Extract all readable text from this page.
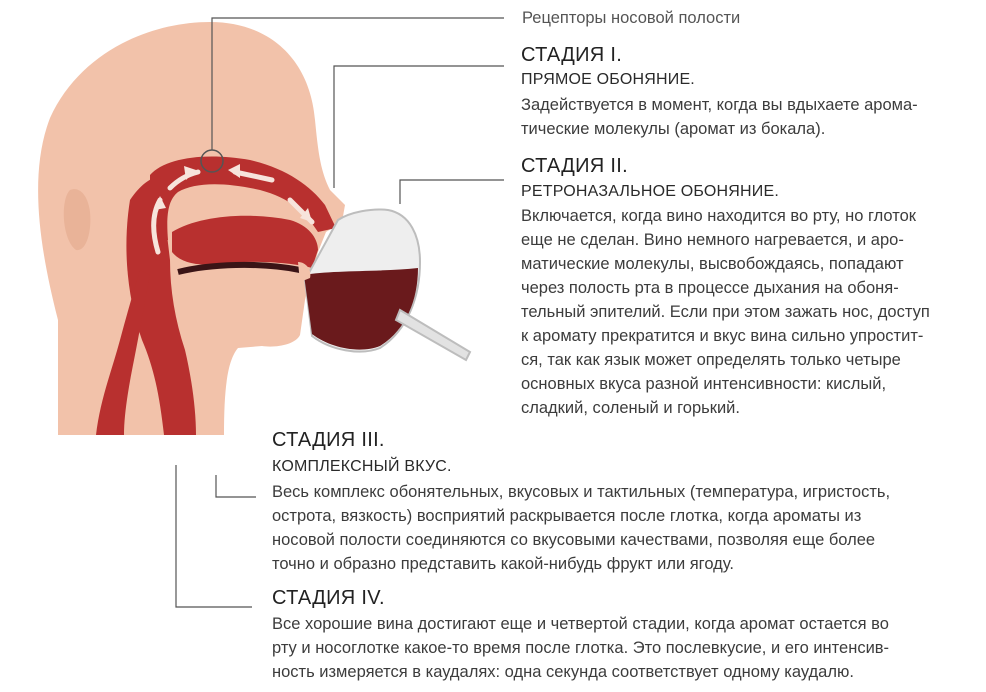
Рецепторы носовой полости

СТАДИЯ I.

ПРЯМОЕ ОБОНЯНИЕ.

Задействуется в момент, когда вы вдыхаете арома-
тические молекулы (аромат из бокала).

СТАДИЯ II.

РЕТРОНАЗАЛЬНОЕ ОБОНЯНИЕ.

Включается, когда вино находится во рту, но глоток
еще не сделан. Вино немного нагревается, и аро-
матические молекулы, высвобождаясь, попадают
через полость рта в процессе дыхания на обоня-
тельный эпителий. Если при этом зажать нос, доступ
к аромату прекратится и вкус вина сильно упростит-
ся, так как язык может определять только четыре
основных вкуса разной интенсивности: кислый,
сладкий, соленый и горький.

СТАДИЯ III.

КОМПЛЕКСНЫЙ ВКУС.

Весь комплекс обонятельных, вкусовых и тактильных (температура, игристость,
острота, вязкость) восприятий раскрывается после глотка, когда ароматы из
носовой полости соединяются со вкусовыми качествами, позволяя еще более
точно и образно представить какой-нибудь фрукт или ягоду.

СТАДИЯ IV.

Все хорошие вина достигают еще и четвертой стадии, когда аромат остается во
рту и носоглотке какое-то время после глотка. Это послевкусие, и его интенсив-
ность измеряется в каудалях: одна секунда соответствует одному каудалю.
